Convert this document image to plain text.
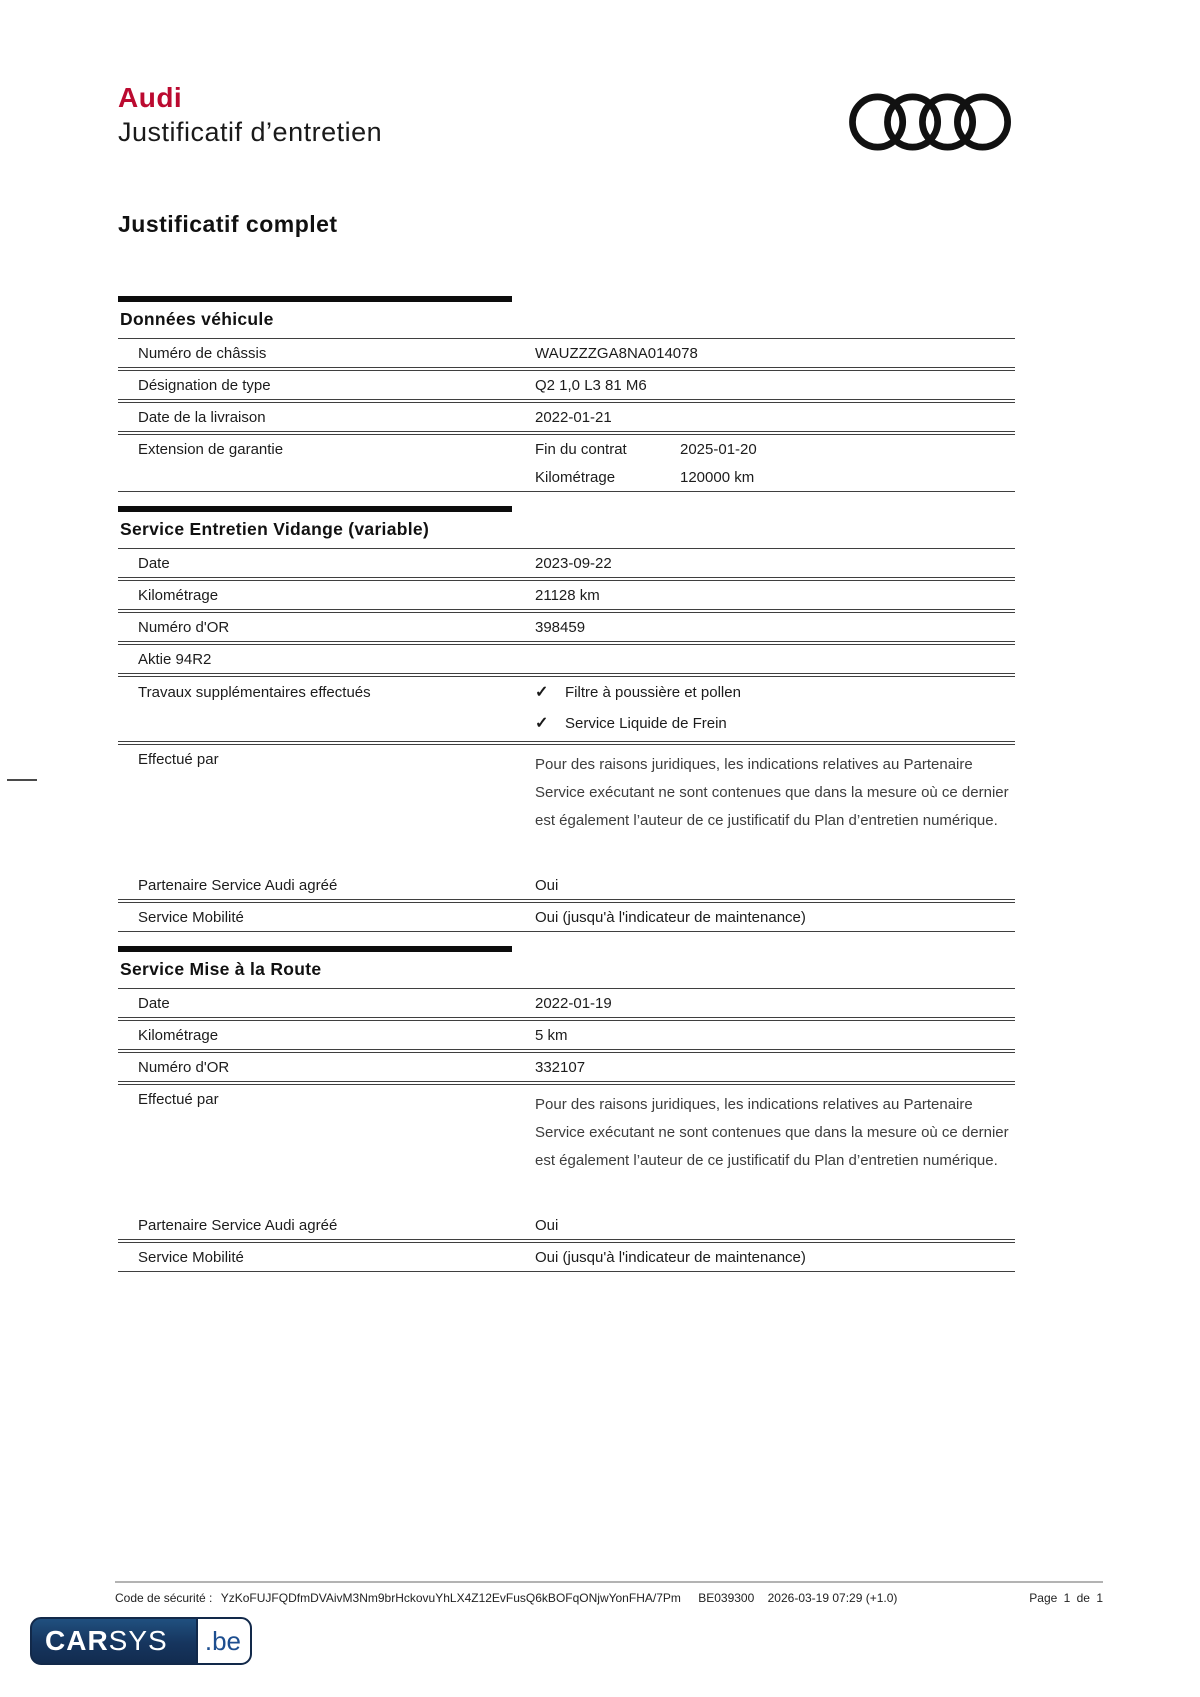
Audi
Justificatif d’entretien
Justificatif complet
Données véhicule
Numéro de châssis	WAUZZZGA8NA014078
Désignation de type	Q2 1,0 L3 81 M6
Date de la livraison	2022-01-21
Extension de garantie	Fin du contrat	2025-01-20
Kilométrage	120000 km
Service Entretien Vidange (variable)
Date	2023-09-22
Kilométrage	21128 km
Numéro d'OR	398459
Aktie 94R2
Travaux supplémentaires effectués	✓	Filtre à poussière et pollen
✓	Service Liquide de Frein
Effectué par	Pour des raisons juridiques, les indications relatives au Partenaire Service exécutant ne sont contenues que dans la mesure où ce dernier est également l’auteur de ce justificatif du Plan d’entretien numérique.

Partenaire Service Audi agréé	Oui
Service Mobilité	Oui (jusqu'à l'indicateur de maintenance)
Service Mise à la Route
Date	2022-01-19
Kilométrage	5 km
Numéro d'OR	332107
Effectué par	Pour des raisons juridiques, les indications relatives au Partenaire Service exécutant ne sont contenues que dans la mesure où ce dernier est également l’auteur de ce justificatif du Plan d’entretien numérique.

Partenaire Service Audi agréé	Oui
Service Mobilité	Oui (jusqu'à l'indicateur de maintenance)
Code de sécurité : YzKoFUJFQDfmDVAivM3Nm9brHckovuYhLX4Z12EvFusQ6kBOFqONjwYonFHA/7Pm BE039300 2026-03-19 07:29 (+1.0)	Page 1 de 1
CAR SYS	.be
